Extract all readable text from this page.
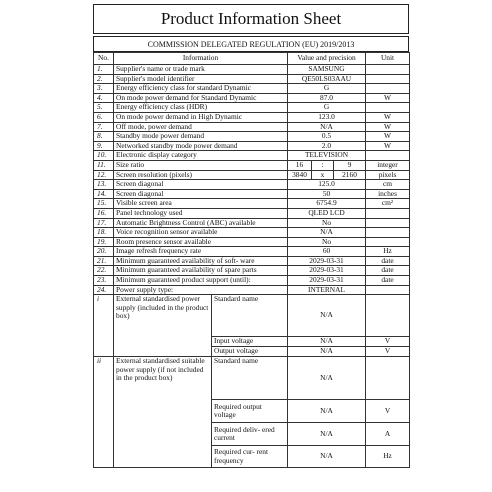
Product Information Sheet
COMMISSION DELEGATED REGULATION (EU) 2019/2013
No.	Information		Value and precision			Unit
1.	Supplier's name or trade mark		SAMSUNG			
2.	Supplier's model identifier		QE50LS03AAU			
3.	Energy efficiency class for standard Dynamic		G			
4.	On mode power demand for Standard Dynamic		87.0			W
5.	Energy efficiency class (HDR)		G			
6.	On mode power demand in High Dynamic		123.0			W
7.	Off mode, power demand		N/A			W
8.	Standby mode power demand		0.5			W
9.	Networked standby mode power demand		2.0			W
10.	Electronic display category		TELEVISION			
11.	Size ratio		16	:	9	integer
12.	Screen resolution (pixels)		3840	x	2160	pixels
13.	Screen diagonal		125.0			cm
14.	Screen diagonal		50			inches
15.	Visible screen area		6754.9			cm²
16.	Panel technology used		QLED LCD			
17.	Automatic Brightness Control (ABC) available		No			
18.	Voice recognition sensor available		N/A			
19.	Room presence sensor available		No			
20.	Image refresh frequency rate		60			Hz
21.	Minimum guaranteed availability of soft- ware		2029-03-31			date
22.	Minimum guaranteed availability of spare parts		2029-03-31			date
23.	Minimum guaranteed product support (until):		2029-03-31			date
24.	Power supply type:		INTERNAL			
i	External standardised power supply (included in the product box)	Standard name	N/A			
		Input voltage	N/A			V
		Output voltage	N/A			V
ii	External standardised suitable power supply (if not included in the product box)	Standard name	N/A			
		Required output voltage	N/A			V
		Required deliv- ered current	N/A			A
		Required cur- rent frequency	N/A			Hz
